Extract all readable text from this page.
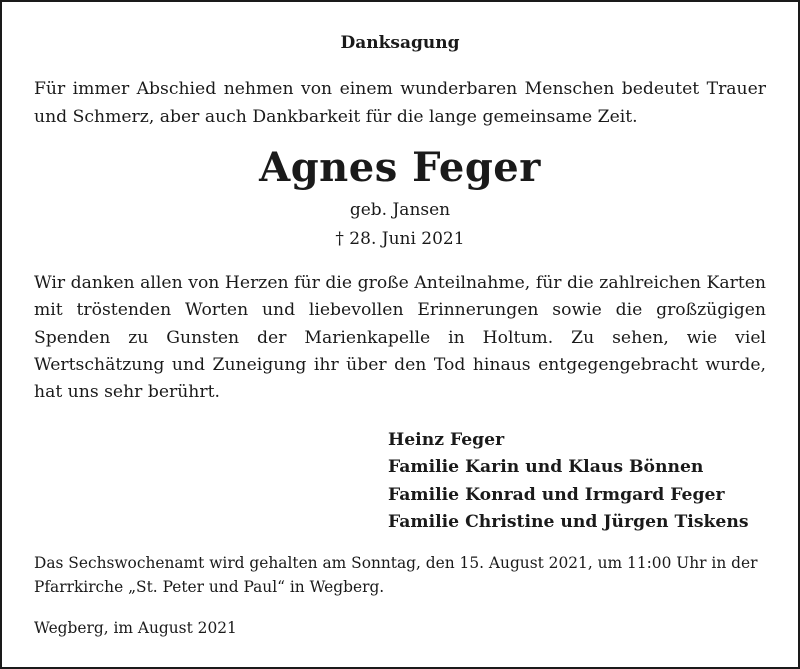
Danksagung
Für immer Abschied nehmen von einem wunderbaren Menschen bedeutet Trauer und Schmerz, aber auch Dankbarkeit für die lange gemeinsame Zeit.
Agnes Feger
geb. Jansen
† 28. Juni 2021
Wir danken allen von Herzen für die große Anteilnahme, für die zahlreichen Karten mit tröstenden Worten und liebevollen Erinnerungen sowie die großzügigen Spenden zu Gunsten der Marienkapelle in Holtum. Zu sehen, wie viel Wertschätzung und Zuneigung ihr über den Tod hinaus entgegengebracht wurde, hat uns sehr berührt.
Heinz Feger
Familie Karin und Klaus Bönnen
Familie Konrad und Irmgard Feger
Familie Christine und Jürgen Tiskens
Das Sechswochenamt wird gehalten am Sonntag, den 15. August 2021, um 11:00 Uhr in der Pfarrkirche „St. Peter und Paul“ in Wegberg.
Wegberg, im August 2021
